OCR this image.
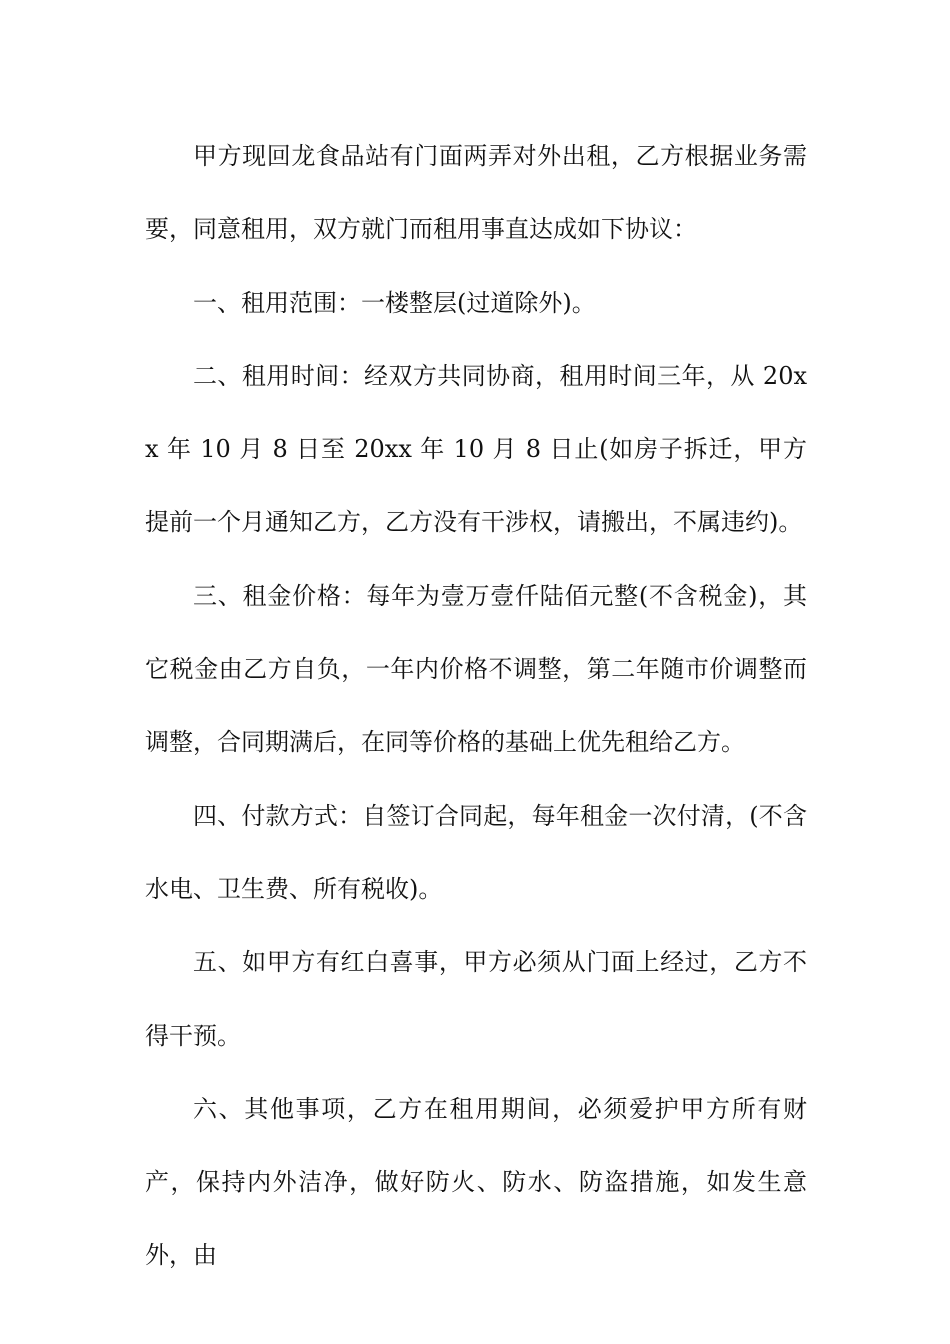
甲方现回龙食品站有门面两弄对外出租，乙方根据业务需要，同意租用，双方就门而租用事直达成如下协议：

一、租用范围：一楼整层(过道除外)。

二、租用时间：经双方共同协商，租用时间三年，从 20xx 年 10 月 8 日至 20xx 年 10 月 8 日止(如房子拆迁，甲方提前一个月通知乙方，乙方没有干涉权，请搬出，不属违约)。

三、租金价格：每年为壹万壹仟陆佰元整(不含税金)，其它税金由乙方自负，一年内价格不调整，第二年随市价调整而调整，合同期满后，在同等价格的基础上优先租给乙方。

四、付款方式：自签订合同起，每年租金一次付清，(不含水电、卫生费、所有税收)。

五、如甲方有红白喜事，甲方必须从门面上经过，乙方不得干预。

六、其他事项，乙方在租用期间，必须爱护甲方所有财产，保持内外洁净，做好防火、防水、防盗措施，如发生意外，由
